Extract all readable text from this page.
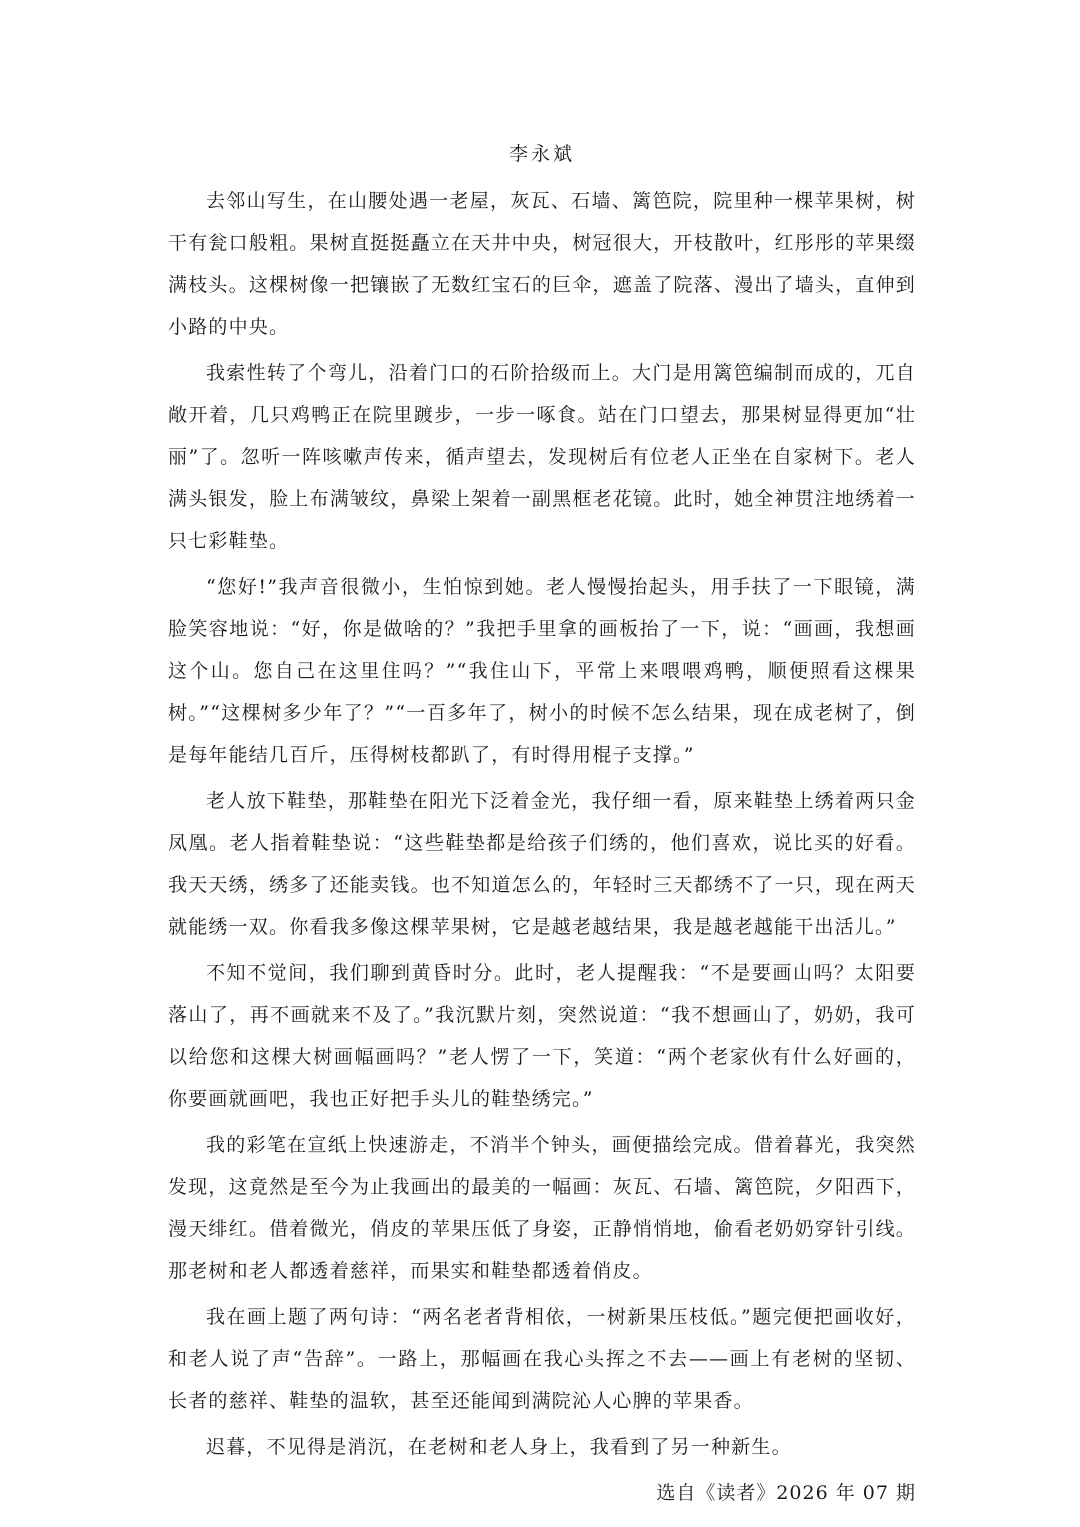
李永斌

去邻山写生，在山腰处遇一老屋，灰瓦、石墙、篱笆院，院里种一棵苹果树，树干有瓮口般粗。果树直挺挺矗立在天井中央，树冠很大，开枝散叶，红彤彤的苹果缀满枝头。这棵树像一把镶嵌了无数红宝石的巨伞，遮盖了院落、漫出了墙头，直伸到小路的中央。

我索性转了个弯儿，沿着门口的石阶拾级而上。大门是用篱笆编制而成的，兀自敞开着，几只鸡鸭正在院里踱步，一步一啄食。站在门口望去，那果树显得更加“壮丽”了。忽听一阵咳嗽声传来，循声望去，发现树后有位老人正坐在自家树下。老人满头银发，脸上布满皱纹，鼻梁上架着一副黑框老花镜。此时，她全神贯注地绣着一只七彩鞋垫。

“您好!”我声音很微小，生怕惊到她。老人慢慢抬起头，用手扶了一下眼镜，满脸笑容地说：“好，你是做啥的？”我把手里拿的画板抬了一下，说：“画画，我想画这个山。您自己在这里住吗？”“我住山下，平常上来喂喂鸡鸭，顺便照看这棵果树。”“这棵树多少年了？”“一百多年了，树小的时候不怎么结果，现在成老树了，倒是每年能结几百斤，压得树枝都趴了，有时得用棍子支撑。”

老人放下鞋垫，那鞋垫在阳光下泛着金光，我仔细一看，原来鞋垫上绣着两只金凤凰。老人指着鞋垫说：“这些鞋垫都是给孩子们绣的，他们喜欢，说比买的好看。我天天绣，绣多了还能卖钱。也不知道怎么的，年轻时三天都绣不了一只，现在两天就能绣一双。你看我多像这棵苹果树，它是越老越结果，我是越老越能干出活儿。”

不知不觉间，我们聊到黄昏时分。此时，老人提醒我：“不是要画山吗？太阳要落山了，再不画就来不及了。”我沉默片刻，突然说道：“我不想画山了，奶奶，我可以给您和这棵大树画幅画吗？”老人愣了一下，笑道：“两个老家伙有什么好画的，你要画就画吧，我也正好把手头儿的鞋垫绣完。”

我的彩笔在宣纸上快速游走，不消半个钟头，画便描绘完成。借着暮光，我突然发现，这竟然是至今为止我画出的最美的一幅画：灰瓦、石墙、篱笆院，夕阳西下，漫天绯红。借着微光，俏皮的苹果压低了身姿，正静悄悄地，偷看老奶奶穿针引线。那老树和老人都透着慈祥，而果实和鞋垫都透着俏皮。

我在画上题了两句诗：“两名老者背相依，一树新果压枝低。”题完便把画收好，和老人说了声“告辞”。一路上，那幅画在我心头挥之不去——画上有老树的坚韧、长者的慈祥、鞋垫的温软，甚至还能闻到满院沁人心脾的苹果香。

迟暮，不见得是消沉，在老树和老人身上，我看到了另一种新生。

选自《读者》2026 年 07 期
